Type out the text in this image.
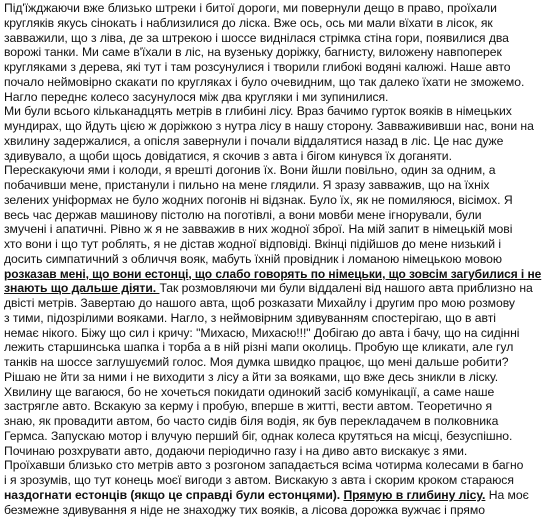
Під'їжджаючи вже близько штреки і битої дороги, ми повернули дещо в право, проїхали
кругляків якусь сінокать і наблизилися до ліска. Вже ось, ось ми мали вїхати в лісок, як
завважили, що з ліва, де за штрекою і шоссе виднілася стрімка стіна гори, появилися два
ворожі танки. Ми саме в'їхали в ліс, на вузеньку доріжку, багнисту, виложену навпоперек
кругляками з дерева, які тут і там розсунулися і творили глибокі водяні калюжі. Наше авто
почало неймовірно скакати по кругляках і було очевидним, що так далеко їхати не зможемо.
Нагло переднє колесо засунулося між два кругляки і ми зупинилися.
Ми були всього кільканадцять метрів в глибині лісу. Враз бачимо гурток вояків в німецьких
мундирах, що йдуть цією ж доріжкою з нутра лісу в нашу сторону. Завважививши нас, вони на
хвилину задержалися, а опісля завернули і почали віддалятися назад в ліс. Це нас дуже
здивувало, а щоби щось довідатися, я скочив з авта і бігом кинувся їх доганяти.
Перескакуючи ями і колоди, я врешті догонив їх. Вони йшли повільно, один за одним, а
побачивши мене, пристанули і пильно на мене глядили. Я зразу завважив, що на їхніх
зелених уніформах не було жодних погонів ні відзнак. Було їх, як не помиляюся, вісімох. Я
весь час держав машинову пістолю на поготівлі, а вони мовби мене ігнорували, були
змучені і апатичні. Рівно ж я не завважив в них жодної зброї. На мій запит в німецькій мові
хто вони і що тут роблять, я не дістав жодної відповіді. Вкінці підійшов до мене низький і
досить симпатичний з обличчя вояк, мабуть їхній провідник і ломаною німецькою мовою
розказав мені, що вони естонці, що слабо говорять по німецьки, що зовсім загубилися і не
знають що дальше діяти. Так розмовляючи ми були віддалені від нашого авта приблизно на
двісті метрів. Завертаю до нашого авта, щоб розказати Михайлу і другим про мою розмову
з тими, підозрілими вояками. Нагло, з неймовірним здивуванням спостерігаю, що в авті
немає нікого. Біжу що сил і кричу: "Михасю, Михасю!!!" Добігаю до авта і бачу, що на сидінні
лежить старшинська шапка і торба а в ній різні мапи околиць. Пробую ще кликати, але гул
танків на шоссе заглушуємий голос. Моя думка швидко працює, що мені дальше робити?
Рішаю не йти за ними і не виходити з лісу а йти за вояками, що вже десь зникли в ліску.
Хвилину ще вагаюся, бо не хочеться покидати одинокий засіб комунікації, а саме наше
застрягле авто. Вскакую за керму і пробую, вперше в житті, вести автом. Теоретично я
знаю, як провадити автом, бо часто сидів біля водія, як був перекладачем в полковника
Гермса. Запускаю мотор і влучую перший біг, однак колеса крутяться на місці, безуспішно.
Починаю розхрувати авто, додаючи періодично газу і на диво авто вискакує з ями.
Проїхавши близько сто метрів авто з розгоном западається всіма чотирма колесами в багно
і я зрозумів, що тут конець моєї вигоди з автом. Вискакую з авта і скорим кроком стараюся
наздогнати естонців (якщо це справді були естонцями). Прямую в глибину лісу. На моє
безмежне здивування я ніде не знаходжу тих вояків, а лісова дорожка вужчає і прямо
